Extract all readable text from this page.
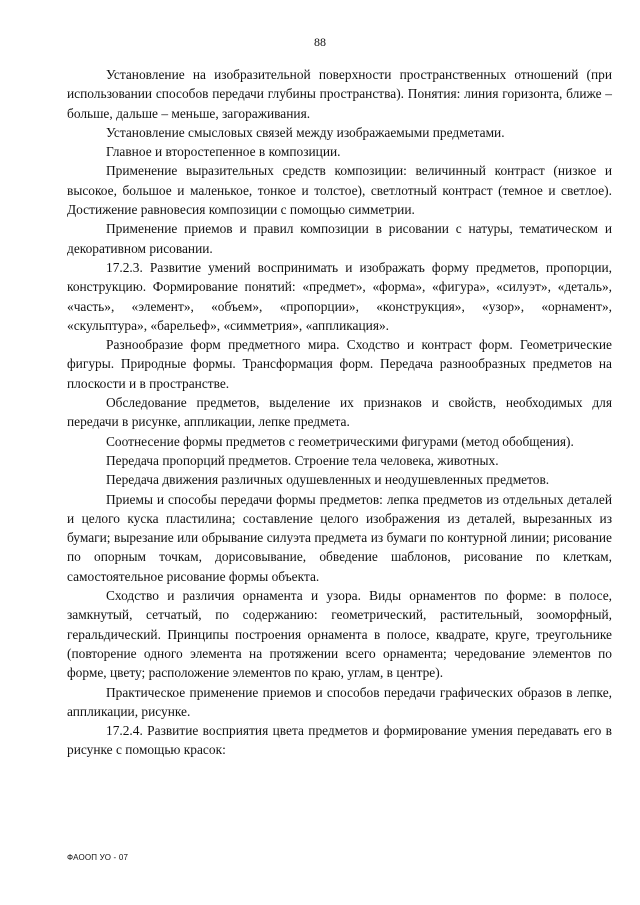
88

Установление на изобразительной поверхности пространственных отношений (при использовании способов передачи глубины пространства). Понятия: линия горизонта, ближе – больше, дальше – меньше, загораживания.

Установление смысловых связей между изображаемыми предметами.

Главное и второстепенное в композиции.

Применение выразительных средств композиции: величинный контраст (низкое и высокое, большое и маленькое, тонкое и толстое), светлотный контраст (темное и светлое). Достижение равновесия композиции с помощью симметрии.

Применение приемов и правил композиции в рисовании с натуры, тематическом и декоративном рисовании.

17.2.3. Развитие умений воспринимать и изображать форму предметов, пропорции, конструкцию. Формирование понятий: «предмет», «форма», «фигура», «силуэт», «деталь», «часть», «элемент», «объем», «пропорции», «конструкция», «узор», «орнамент», «скульптура», «барельеф», «симметрия», «аппликация».

Разнообразие форм предметного мира. Сходство и контраст форм. Геометрические фигуры. Природные формы. Трансформация форм. Передача разнообразных предметов на плоскости и в пространстве.

Обследование предметов, выделение их признаков и свойств, необходимых для передачи в рисунке, аппликации, лепке предмета.

Соотнесение формы предметов с геометрическими фигурами (метод обобщения).

Передача пропорций предметов. Строение тела человека, животных.

Передача движения различных одушевленных и неодушевленных предметов.

Приемы и способы передачи формы предметов: лепка предметов из отдельных деталей и целого куска пластилина; составление целого изображения из деталей, вырезанных из бумаги; вырезание или обрывание силуэта предмета из бумаги по контурной линии; рисование по опорным точкам, дорисовывание, обведение шаблонов, рисование по клеткам, самостоятельное рисование формы объекта.

Сходство и различия орнамента и узора. Виды орнаментов по форме: в полосе, замкнутый, сетчатый, по содержанию: геометрический, растительный, зооморфный, геральдический. Принципы построения орнамента в полосе, квадрате, круге, треугольнике (повторение одного элемента на протяжении всего орнамента; чередование элементов по форме, цвету; расположение элементов по краю, углам, в центре).

Практическое применение приемов и способов передачи графических образов в лепке, аппликации, рисунке.

17.2.4. Развитие восприятия цвета предметов и формирование умения передавать его в рисунке с помощью красок:

ФАООП УО - 07
